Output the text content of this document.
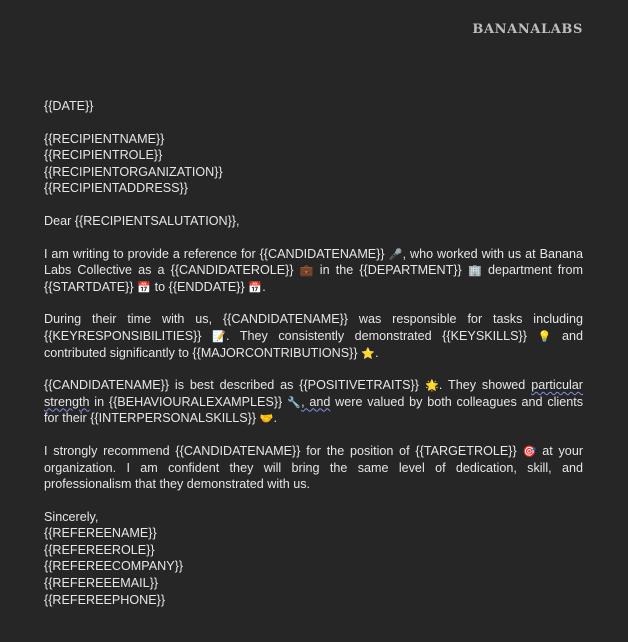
BANANALABS
{{DATE}}
{{RECIPIENTNAME}}
{{RECIPIENTROLE}}
{{RECIPIENTORGANIZATION}}
{{RECIPIENTADDRESS}}
Dear {{RECIPIENTSALUTATION}},
I am writing to provide a reference for {{CANDIDATENAME}} 🎤, who worked with us at Banana Labs Collective as a {{CANDIDATEROLE}} 💼 in the {{DEPARTMENT}} 🏢 department from {{STARTDATE}} 📅 to {{ENDDATE}} 📅.
During their time with us, {{CANDIDATENAME}} was responsible for tasks including {{KEYRESPONSIBILITIES}} 📝. They consistently demonstrated {{KEYSKILLS}} 💡 and contributed significantly to {{MAJORCONTRIBUTIONS}} ⭐.
{{CANDIDATENAME}} is best described as {{POSITIVETRAITS}} 🌟. They showed particular strength in {{BEHAVIOURALEXAMPLES}} 🔧, and were valued by both colleagues and clients for their {{INTERPERSONALSKILLS}} 🤝.
I strongly recommend {{CANDIDATENAME}} for the position of {{TARGETROLE}} 🎯 at your organization. I am confident they will bring the same level of dedication, skill, and professionalism that they demonstrated with us.
Sincerely,
{{REFEREENAME}}
{{REFEREEROLE}}
{{REFEREECOMPANY}}
{{REFEREEEMAIL}}
{{REFEREEPHONE}}
